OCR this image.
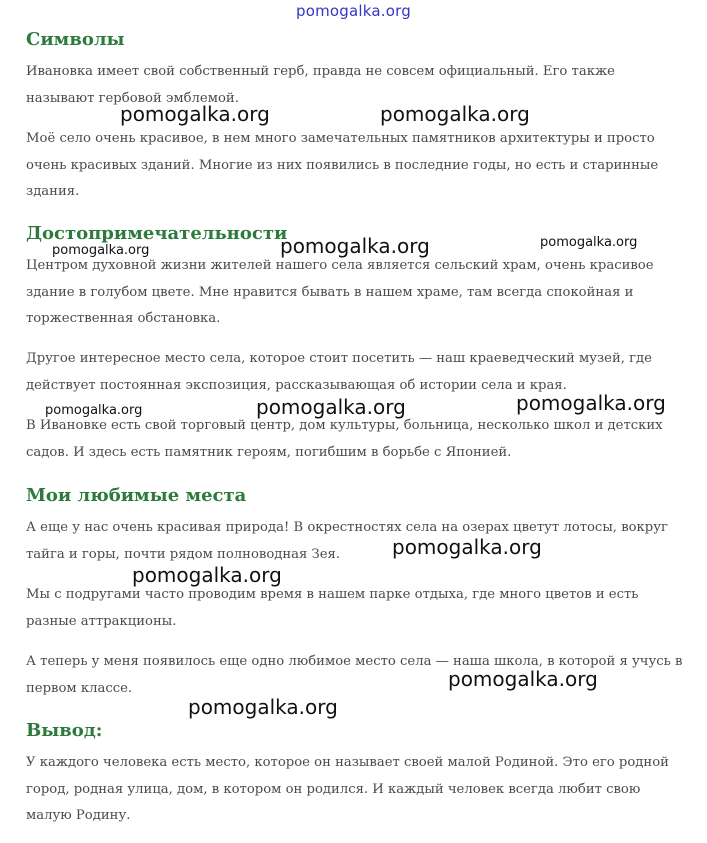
pomogalka.org
Символы

Ивановка имеет свой собственный герб, правда не совсем официальный. Его также называют гербовой эмблемой.

Моё село очень красивое, в нем много замечательных памятников архитектуры и просто очень красивых зданий. Многие из них появились в последние годы, но есть и старинные здания.

Достопримечательности

Центром духовной жизни жителей нашего села является сельский храм, очень красивое здание в голубом цвете. Мне нравится бывать в нашем храме, там всегда спокойная и торжественная обстановка.

Другое интересное место села, которое стоит посетить — наш краеведческий музей, где действует постоянная экспозиция, рассказывающая об истории села и края.

В Ивановке есть свой торговый центр, дом культуры, больница, несколько школ и детских садов. И здесь есть памятник героям, погибшим в борьбе с Японией.

Мои любимые места

А еще у нас очень красивая природа! В окрестностях села на озерах цветут лотосы, вокруг тайга и горы, почти рядом полноводная Зея.

Мы с подругами часто проводим время в нашем парке отдыха, где много цветов и есть разные аттракционы.

А теперь у меня появилось еще одно любимое место села — наша школа, в которой я учусь в первом классе.

Вывод:

У каждого человека есть место, которое он называет своей малой Родиной. Это его родной город, родная улица, дом, в котором он родился. И каждый человек всегда любит свою малую Родину.

pomogalka.org	pomogalka.org
pomogalka.org	pomogalka.org	pomogalka.org
pomogalka.org	pomogalka.org	pomogalka.org
pomogalka.org
pomogalka.org
pomogalka.org
pomogalka.org
